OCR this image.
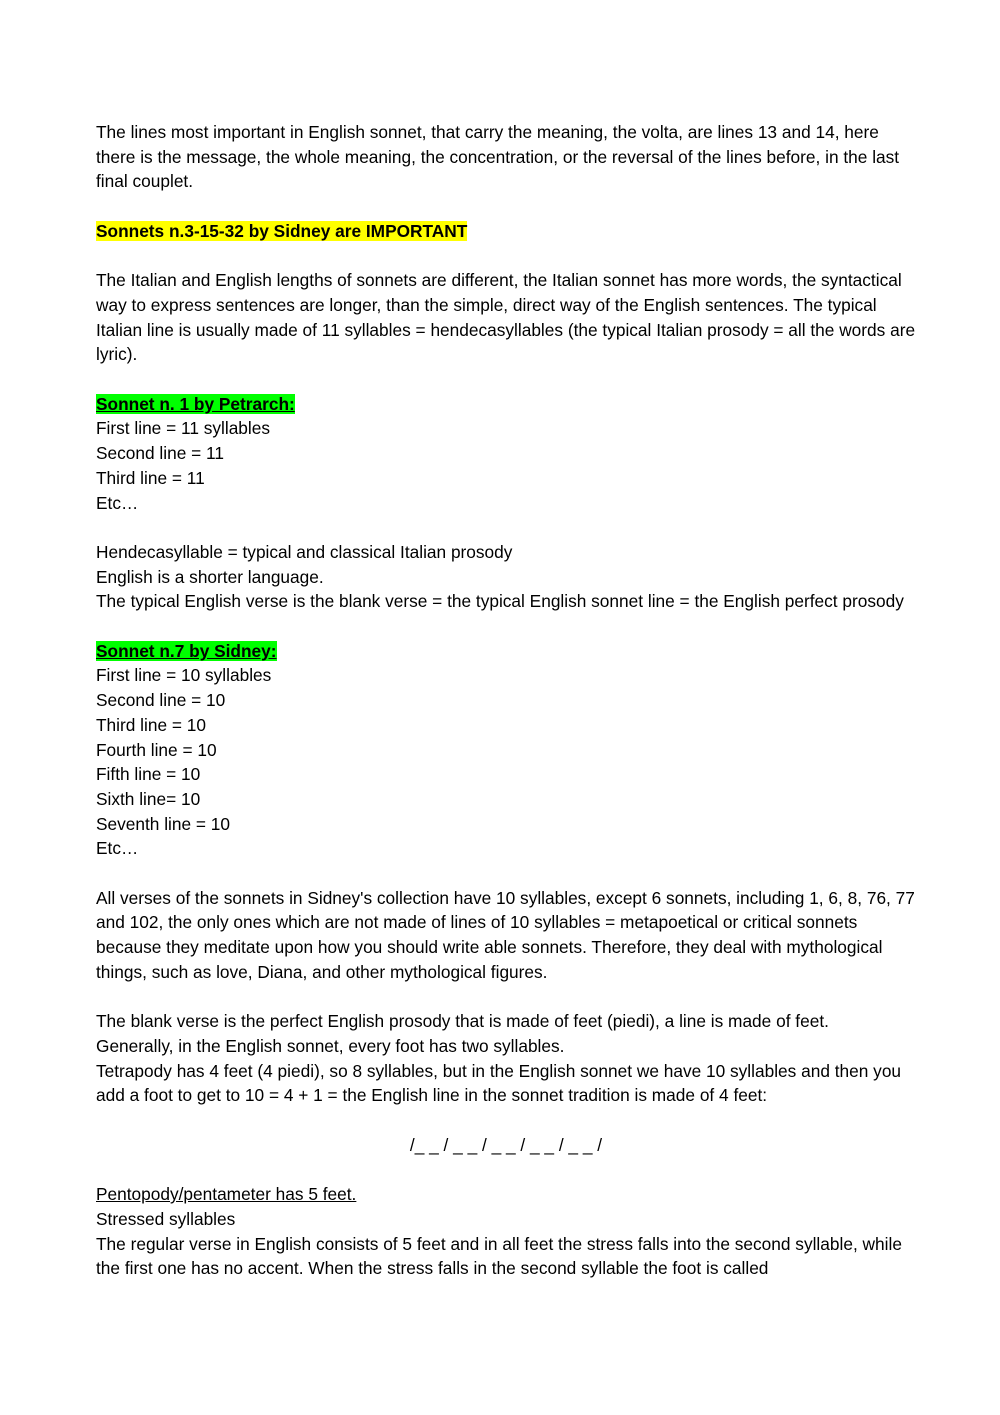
The lines most important in English sonnet, that carry the meaning, the volta, are lines 13 and 14, here there is the message, the whole meaning, the concentration, or the reversal of the lines before, in the last final couplet.

Sonnets n.3-15-32 by Sidney are IMPORTANT

The Italian and English lengths of sonnets are different, the Italian sonnet has more words, the syntactical way to express sentences are longer, than the simple, direct way of the English sentences. The typical Italian line is usually made of 11 syllables = hendecasyllables (the typical Italian prosody = all the words are lyric).

Sonnet n. 1 by Petrarch:
First line = 11 syllables
Second line = 11
Third line = 11
Etc…
Hendecasyllable = typical and classical Italian prosody
English is a shorter language.
The typical English verse is the blank verse = the typical English sonnet line = the English perfect prosody
Sonnet n.7 by Sidney:
First line = 10 syllables
Second line = 10
Third line = 10
Fourth line = 10
Fifth line = 10
Sixth line= 10
Seventh line = 10
Etc…

All verses of the sonnets in Sidney's collection have 10 syllables, except 6 sonnets, including 1, 6, 8, 76, 77 and 102, the only ones which are not made of lines of 10 syllables = metapoetical or critical sonnets because they meditate upon how you should write able sonnets. Therefore, they deal with mythological things, such as love, Diana, and other mythological figures.

The blank verse is the perfect English prosody that is made of feet (piedi), a line is made of feet.
Generally, in the English sonnet, every foot has two syllables.
Tetrapody has 4 feet (4 piedi), so 8 syllables, but in the English sonnet we have 10 syllables and then you add a foot to get to 10 = 4 + 1 = the English line in the sonnet tradition is made of 4 feet:

/_ _ / _ _ / _ _ / _ _ / _ _ /

Pentopody/pentameter has 5 feet.
Stressed syllables
The regular verse in English consists of 5 feet and in all feet the stress falls into the second syllable, while the first one has no accent. When the stress falls in the second syllable the foot is called
